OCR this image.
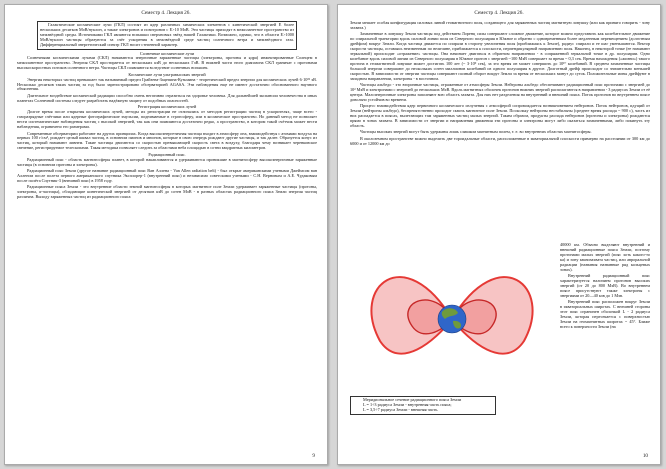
Семестр 4. Лекция 26.

Галактические космические лучи (ГКЛ) состоят из ядер различных химических элементов с кинетической энергией Е более нескольких десятков МэВ/нуклон, а также электронов и позитронов с Е>10 МэВ. Эти частицы приходят в межпланетное пространство из межзвёздной среды. Источниками ГКЛ являются вспышки сверхновых звёзд нашей Галактики. Возможно, однако, что в области Е>1000 МэВ/нуклон частицы образуются за счёт ускорения в межзвёздной среде частиц солнечного ветра и межзвёздного газа. Дифференциальный энергетический спектр ГКЛ носит степенной характер.

Солнечные космические лучи

Солнечными космическими лучами (СКЛ) называются энергичные заряженные частицы (электроны, протоны и ядра) инжектированные Солнцем в межпланетное пространство. Энергия СКЛ простирается от нескольких кэВ до нескольких ГэВ. В нижней части этого диапазона СКЛ граничат с протонами высокоскоростных потоков солнечного ветра. Частицы СКЛ появляются вследствие солнечных вспышек.

Космические лучи ультравысоких энергий

Энергия некоторых частиц превышает так называемый предел Грайзена-Зацепина-Кузьмина - теоретический предел энергии для космических лучей 6·10¹⁹ эВ. Несколько десятков таких частиц за год было зарегистрировано обсерваторией AGASA. Эти наблюдения еще не имеют достаточно обоснованного научного объяснения.

Длительное воздействие космической радиации способно очень негативно отразиться на здоровье человека. Для дальнейшей экспансии человечества в иных планетах Солнечной системы следует разработать надёжную защиту от подобных опасностей.

Регистрация космических лучей

Долгое время после открытия космических лучей, методы их регистрации не отличались от методов регистрации частиц в ускорителях, чаще всего - газоразрядные счётчики или ядерные фотографические эмульсии, поднимаемые в стратосферу, или в космическое пространство. Но данный метод не позволяет вести систематические наблюдения частиц с высокой энергией, так как они появляются достаточно редко, а пространство, в котором такой счётчик может вести наблюдения, ограничено его размерами.

Современные обсерватории работают на других принципах. Когда высокоэнергетичная частица входит в атмосферу она, взаимодействуя с атомами воздуха на первых 100 г/см², рождает целый шквал частиц, в основном пионов и мюонов, которые в свою очередь рождают другие частицы, и так далее. Образуется конус из частиц, который называют ливнем. Такие частицы двигаются со скоростью превышающей скорость света в воздуху, благодаря чему возникает черенковское свечение, регистрируемое телескопами. Такая методика позволяет следить за областями неба площадью в сотни квадратных километров.

Радиационный пояс.

Радиационный пояс - область магнитосферы планет, в которой накапливаются и удерживаются проникшие в магнитосферу высокоэнергичные заряженные частицы (в основном протоны и электроны).

Радиационный пояс Земли (другое название радиационный пояс Ван Аллена - Van Allen radiation belt) - был открыт американскими учеными Джеймсом ван Алленом после полета первого американского спутника Эксплорер-1 (внутренний пояс) и независимо советскими учеными - С.Н. Верновым и А.Е. Чудаковым после полёта Спутник-3 (внешний пояс) в 1958 году.

Радиационные пояса Земли - это внутренние области земной магнитосферы в которых магнитное поле Земли удерживает заряженные частицы (протоны, электроны, α-частицы), обладающие кинетической энергией от десятков кэВ до сотен МэВ - в разных областях радиационного пояса Земли энергия частиц различна. Выходу заряженных частиц из радиационного пояса

9
Семестр 4. Лекция 26.

Земли мешает особая конфигурация силовых линий геомагнитного поля, создающего для заряженных частиц магнитную ловушку (или как принято говорить - зону захвата.)

Захваченные в ловушку Земли частицы под действием Лоренц силы совершают сложное движение, которое можно представить как колебательное движение по спиральной траектории вдоль силовой линии поля из Северного полушария в Южное и обратно с одновременным более медленным перемещением (долготным дрейфом) вокруг Земли. Когда частица движется по спирали в сторону увеличения поля (приближаясь к Земле), радиус спирали и ее шаг уменьшаются. Вектор скорости частицы, оставаясь неизменным по величине, приближается к плоскости, перпендикулярной направлению поля. Наконец, в некоторой точке (ее называют зеркальной) происходит «отражение» частицы. Она начинает двигаться в обратном направлении - в сопряженной зеркальной точке в др. полушарии. Одно колебание вдоль силовой линии из Северного полушария в Южное протон с энергией ~100 МэВ совершает за время ~ 0,3 сек. Время нахождения («жизни») такого протона в геомагнитной ловушке может достигать 100 лет (~ 3·10⁹ сек), за это время он может совершить до 10¹⁰ колебаний. В среднем захваченные частицы большой энергии совершают до нескольких сотен миллионов колебаний из одного полушария в другое. Долготный дрейф происходит со значительно меньшей скоростью. В зависимости от энергии частицы совершают полный оборот вокруг Земли за время от нескольких минут до суток. Положительные ионы дрейфуют в западном направлении, электроны - в восточном.

Частицы альбедо - это вторичные частицы, отраженные от атмосферы Земли. Нейтроны альбедо обеспечивают радиационный пояс протонами с энергией до 10³ МэВ и электронами с энергией до нескольких МэВ. Вдоль магнитных оболочек протонов нижних энергий располагаются в направлении - 3 радиусах Земли от её центра. Малоэнергичные электроны заполняют всю область захвата. Для них нет разделения на внутренний и внешний пояса. Поток протонов во внутреннем поясе довольно устойчив во времени.

Процесс взаимодействия ядер первичного космического излучения с атмосферой сопровождается возникновением нейтронов. Поток нейтронов, идущий от Земли (нейтроны альбедо), беспрепятственно проходит сквозь магнитное поле Земли. Поскольку нейтроны нестабильны (среднее время распада ~ 900 с), часть из них распадается в поясах, вылетающих там заряженных частиц малых энергий. Таким образом, продукты распада нейтронов (протоны и электроны) рождаются прямо в зонах захвата. В зависимости от энергии и направления движения эти протоны и электроны могут либо оказаться захваченными, либо покинуть эту область.

Частицы высоких энергий могут быть удержаны лишь слишком магнитным полем, т. е. во внутренних областях магнитосферы.

В околоземном пространстве можно выделить две тороидальные области, расположенные в экваториальной плоскости примерно на расстоянии от 300 км до 6000 и от 12000 км до

Меридиональное сечение радиационного пояса Земли

L = 1÷3 радиуса Земли - внутренняя часть пояса;

L = 3,5÷7 радиуса Земли - внешняя часть.

40000 км. Обычно выделяют внутренний и внешний радиационные пояса Земли, поэтому протонами малых энергий (пояс хоть какого-то ка) и зону квазизахвата частиц, или авроральной радиации (названия названные ряд кольцевых зонах).

Внутренний радиационный пояс характеризуется наличием протонов высоких энергий (от 20 до 800 МэВ). Во внутреннем поясе присутствуют также электроны с энергиями от 20—40 кэв до 1 Мэв.

Внутренний пояс расположен вокруг Земли в экваториальных широтах. С внешней стороны этот пояс ограничен оболочкой L - 2 радиуса Земли, которая пересекается с поверхностью Земли на геомагнитных широтах ~ 45°. Ближе всего к поверхности Земли (на

10
